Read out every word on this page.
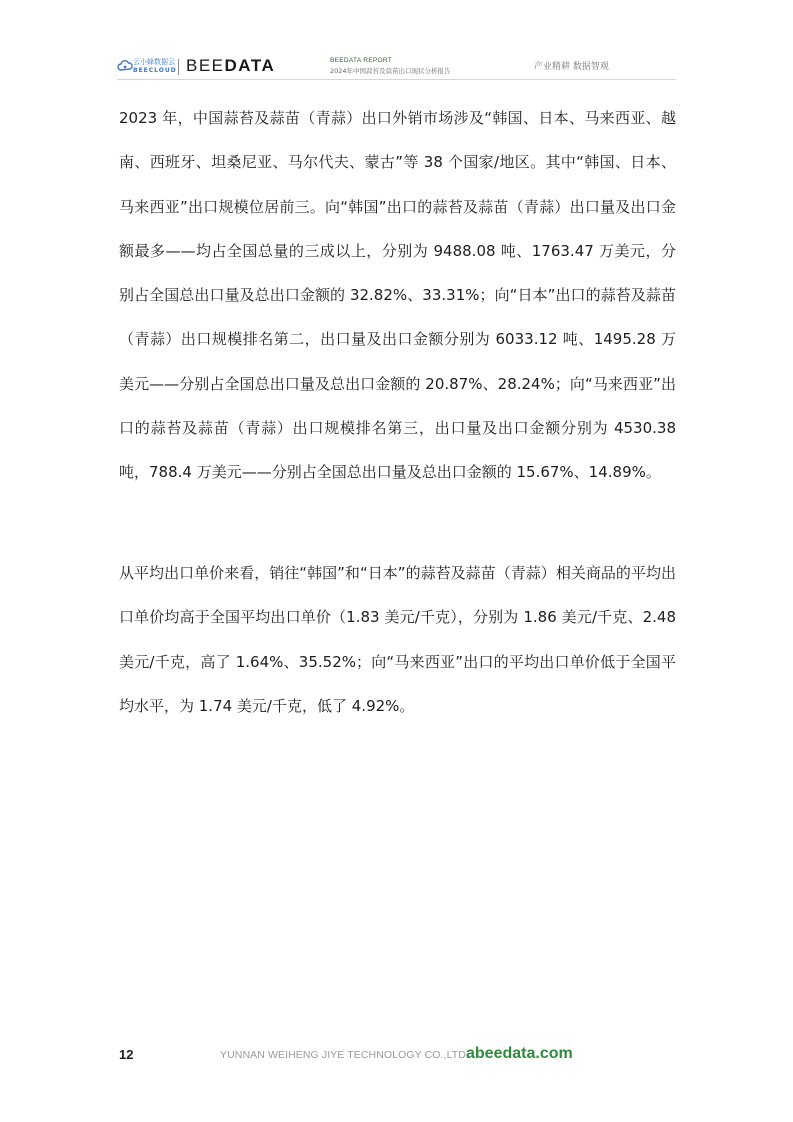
云小蜂数据云
BEECLOUD BEEDATA	BEEDATA REPORT
2024年中国蒜苔及蒜苗出口现状分析报告	产业精耕 数据智观

2023 年，中国蒜苔及蒜苗（青蒜）出口外销市场涉及“韩国、日本、马来西亚、越南、西班牙、坦桑尼亚、马尔代夫、蒙古”等 38 个国家/地区。其中“韩国、日本、马来西亚”出口规模位居前三。向“韩国”出口的蒜苔及蒜苗（青蒜）出口量及出口金额最多——均占全国总量的三成以上，分别为 9488.08 吨、1763.47 万美元，分别占全国总出口量及总出口金额的 32.82%、33.31%；向“日本”出口的蒜苔及蒜苗（青蒜）出口规模排名第二，出口量及出口金额分别为 6033.12 吨、1495.28 万美元——分别占全国总出口量及总出口金额的 20.87%、28.24%；向“马来西亚”出口的蒜苔及蒜苗（青蒜）出口规模排名第三，出口量及出口金额分别为 4530.38 吨，788.4 万美元——分别占全国总出口量及总出口金额的 15.67%、14.89%。

从平均出口单价来看，销往“韩国”和“日本”的蒜苔及蒜苗（青蒜）相关商品的平均出口单价均高于全国平均出口单价（1.83 美元/千克），分别为 1.86 美元/千克、2.48 美元/千克，高了 1.64%、35.52%；向“马来西亚”出口的平均出口单价低于全国平均水平，为 1.74 美元/千克，低了 4.92%。

12	YUNNAN WEIHENG JIYE TECHNOLOGY CO.,LTD.
abeedata.com
